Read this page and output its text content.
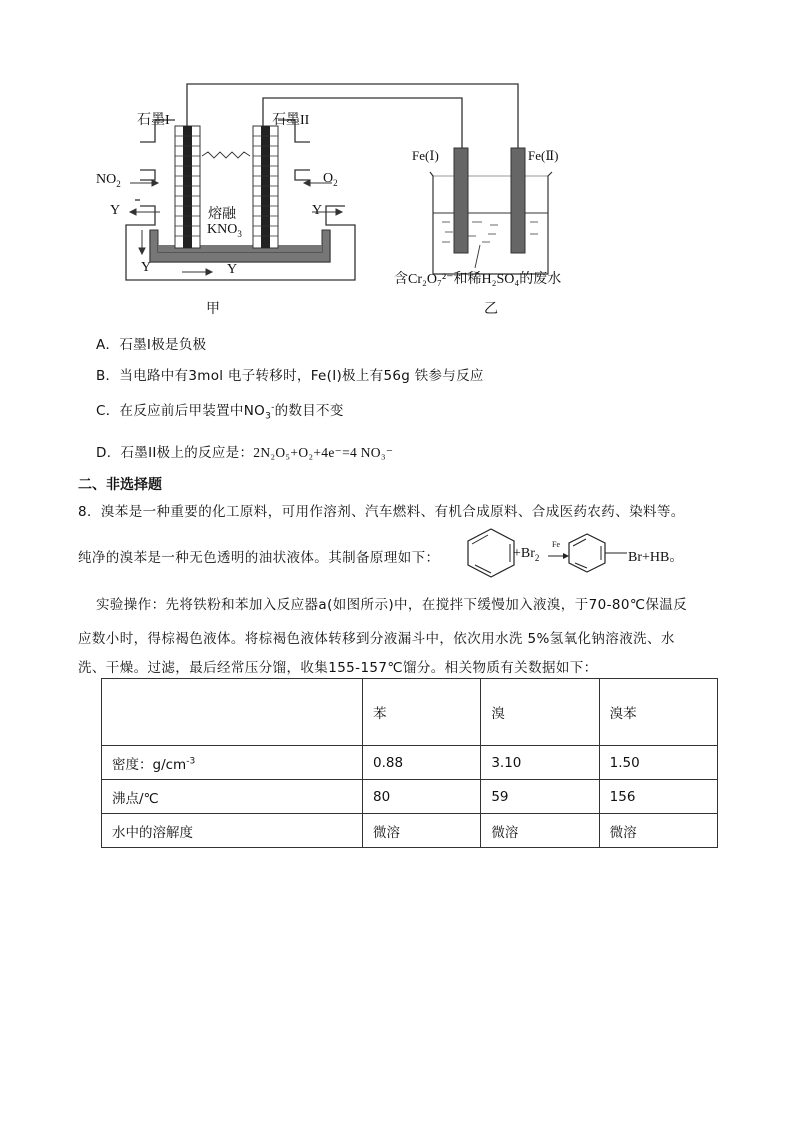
石墨I	石墨II
$NO_2$	$O_2$
Y	Y
Y	Y
熔融
$KNO_3$
甲
Fe(Ⅰ)	Fe(Ⅱ)
含Cr₂O₇²⁻和稀H₂SO₄的废水
乙
A．石墨I极是负极
B．当电路中有3mol 电子转移时，Fe(Ⅰ)极上有56g 铁参与反应
C．在反应前后甲装置中$NO_3^-$的数目不变
D．石墨II极上的反应是：2N₂O₅+O₂+4e⁻=4 NO₃⁻
二、非选择题
8．溴苯是一种重要的化工原料，可用作溶剂、汽车燃料、有机合成原料、合成医药农药、染料等。
纯净的溴苯是一种无色透明的油状液体。其制备原理如下：	$+Br_2$
Fe
Br+HB。
实验操作：先将铁粉和苯加入反应器a(如图所示)中，在搅拌下缓慢加入液溴，于70-80℃保温反
应数小时，得棕褐色液体。将棕褐色液体转移到分液漏斗中，依次用水洗 5%氢氧化钠溶液洗、水
洗、干燥。过滤，最后经常压分馏，收集155-157℃馏分。相关物质有关数据如下：
	苯	溴	溴苯
密度：$g/cm^{-3}$	0.88	3.10	1.50
沸点/℃	80	59	156
水中的溶解度	微溶	微溶	微溶
